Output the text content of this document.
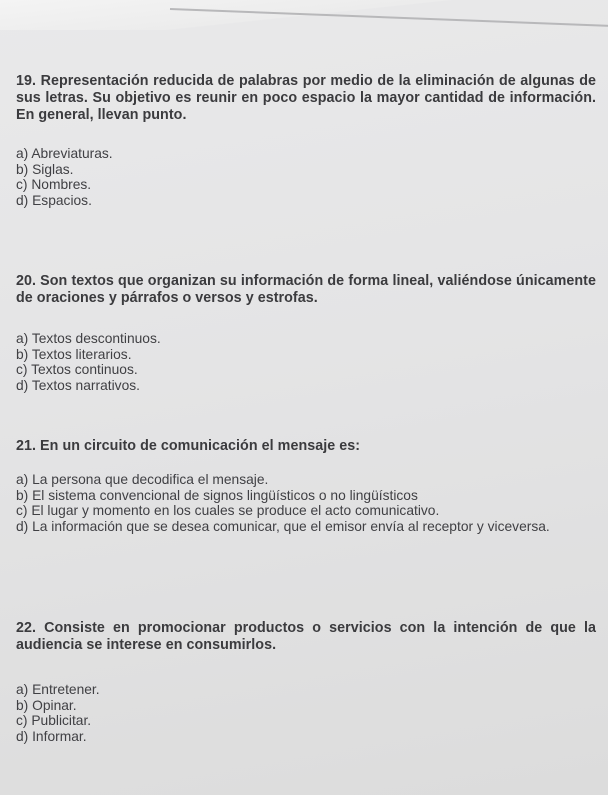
19. Representación reducida de palabras por medio de la eliminación de algunas de sus letras. Su objetivo es reunir en poco espacio la mayor cantidad de información. En general, llevan punto.

a) Abreviaturas.
b) Siglas.
c) Nombres.
d) Espacios.

20. Son textos que organizan su información de forma lineal, valiéndose únicamente de oraciones y párrafos o versos y estrofas.

a) Textos descontinuos.
b) Textos literarios.
c) Textos continuos.
d) Textos narrativos.

21. En un circuito de comunicación el mensaje es:

a) La persona que decodifica el mensaje.
b) El sistema convencional de signos lingüísticos o no lingüísticos
c) El lugar y momento en los cuales se produce el acto comunicativo.
d) La información que se desea comunicar, que el emisor envía al receptor y viceversa.

22. Consiste en promocionar productos o servicios con la intención de que la audiencia se interese en consumirlos.

a) Entretener.
b) Opinar.
c) Publicitar.
d) Informar.
